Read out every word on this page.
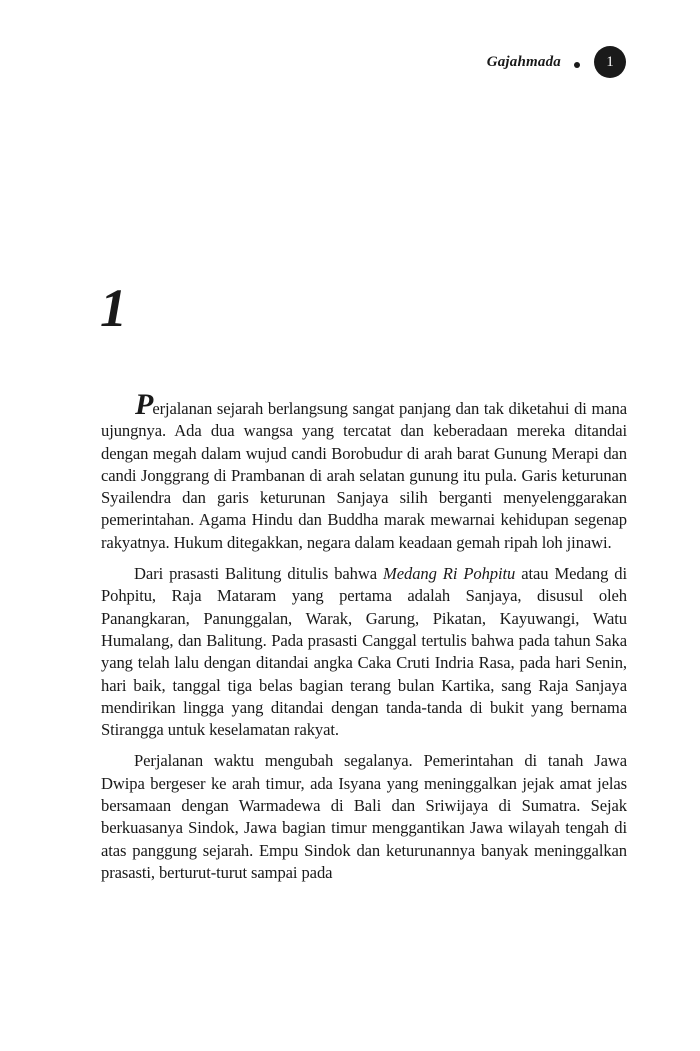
Gajahmada	1
1

Perjalanan sejarah berlangsung sangat panjang dan tak diketahui di mana ujungnya. Ada dua wangsa yang tercatat dan keberadaan mereka ditandai dengan megah dalam wujud candi Borobudur di arah barat Gunung Merapi dan candi Jonggrang di Prambanan di arah selatan gunung itu pula. Garis keturunan Syailendra dan garis keturunan Sanjaya silih berganti menyelenggarakan pemerintahan. Agama Hindu dan Buddha marak mewarnai kehidupan segenap rakyatnya. Hukum ditegakkan, negara dalam keadaan gemah ripah loh jinawi.

Dari prasasti Balitung ditulis bahwa Medang Ri Pohpitu atau Medang di Pohpitu, Raja Mataram yang pertama adalah Sanjaya, disusul oleh Panangkaran, Panunggalan, Warak, Garung, Pikatan, Kayuwangi, Watu Humalang, dan Balitung. Pada prasasti Canggal tertulis bahwa pada tahun Saka yang telah lalu dengan ditandai angka Caka Cruti Indria Rasa, pada hari Senin, hari baik, tanggal tiga belas bagian terang bulan Kartika, sang Raja Sanjaya mendirikan lingga yang ditandai dengan tanda-tanda di bukit yang bernama Stirangga untuk keselamatan rakyat.

Perjalanan waktu mengubah segalanya. Pemerintahan di tanah Jawa Dwipa bergeser ke arah timur, ada Isyana yang meninggalkan jejak amat jelas bersamaan dengan Warmadewa di Bali dan Sriwijaya di Sumatra. Sejak berkuasanya Sindok, Jawa bagian timur menggantikan Jawa wilayah tengah di atas panggung sejarah. Empu Sindok dan keturunannya banyak meninggalkan prasasti, berturut-turut sampai pada
